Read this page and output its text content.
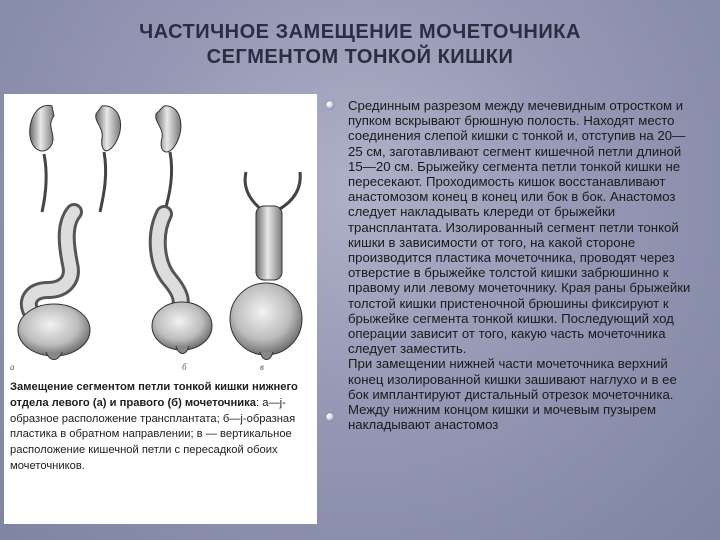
ЧАСТИЧНОЕ ЗАМЕЩЕНИЕ МОЧЕТОЧНИКА
СЕГМЕНТОМ ТОНКОЙ КИШКИ
а	б	в
Замещение сегментом петли тонкой кишки нижнего отдела левого (а) и правого (б) мочеточника: а—j-образное расположение трансплантата; б—j-образная пластика в обратном направлении; в — вертикальное расположение кишечной петли с пересадкой обоих мочеточников.

Срединным разрезом между мечевидным отростком и пупком вскрывают брюшную полость. Находят место соединения слепой кишки с тонкой и, отступив на 20—25 см, заготавливают сегмент кишечной петли длиной 15—20 см. Брыжейку сегмента петли тонкой кишки не пересекают. Проходимость кишок восстанавливают анастомозом конец в конец или бок в бок. Анастомоз следует накладывать клереди от брыжейки трансплантата. Изолированный сегмент петли тонкой кишки в зависимости от того, на какой стороне производится пластика мочеточника, проводят через отверстие в брыжейке толстой кишки забрюшинно к правому или левому мочеточнику. Края раны брыжейки толстой кишки пристеночной брюшины фиксируют к брыжейке сегмента тонкой кишки. Последующий ход операции зависит от того, какую часть мочеточника следует заместить.

При замещении нижней части мочеточника верхний конец изолированной кишки зашивают наглухо и в ее бок имплантируют дистальный отрезок мочеточника. Между нижним концом кишки и мочевым пузырем накладывают анастомоз
